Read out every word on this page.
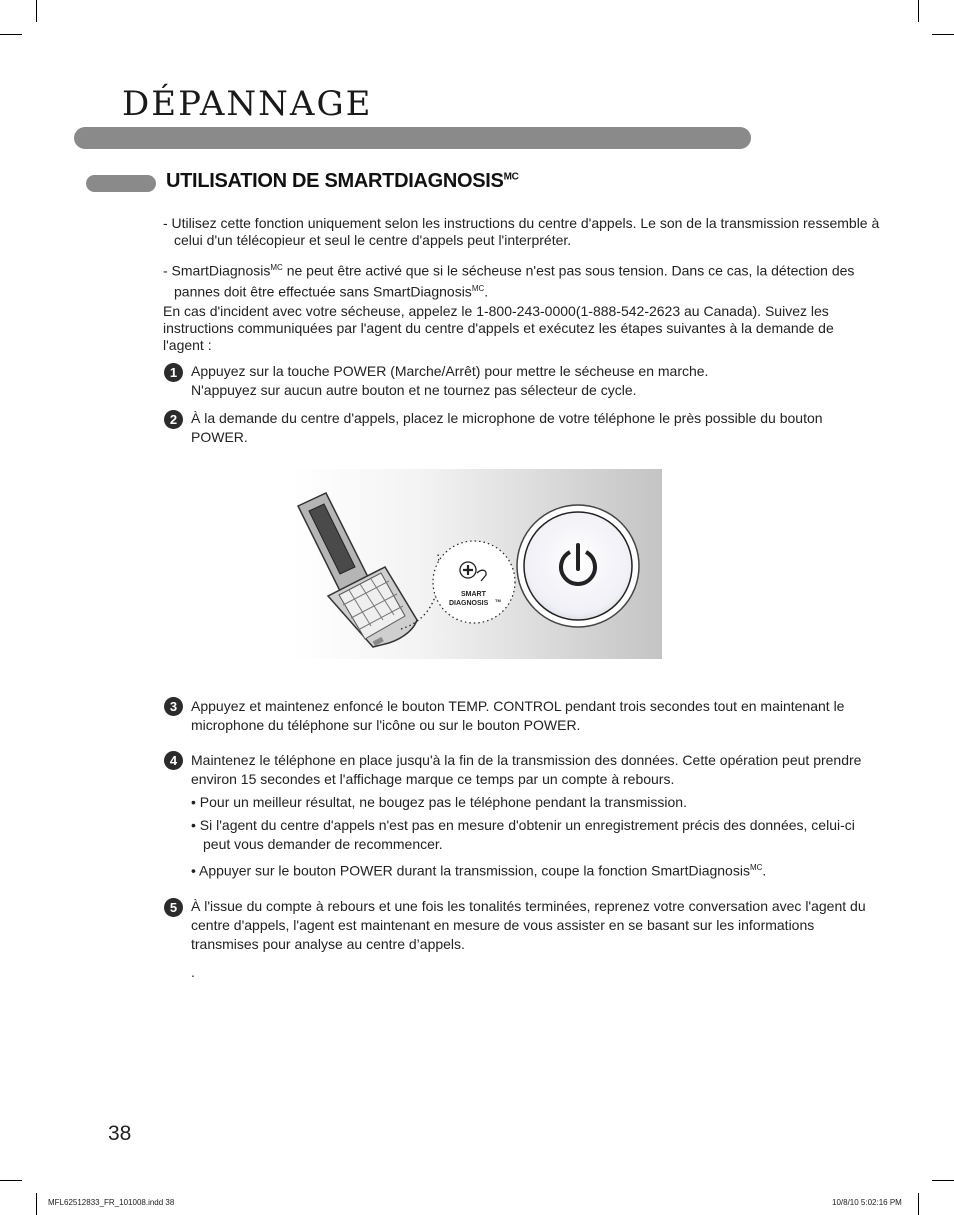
DÉPANNAGE
UTILISATION DE $SMARTDIAGNOSIS^{MC}$

- Utilisez cette fonction uniquement selon les instructions du centre d'appels. Le son de la transmission ressemble à celui d'un télécopieur et seul le centre d'appels peut l'interpréter.

- SmartDiagnosis$^{MC}$ ne peut être activé que si le sécheuse n'est pas sous tension. Dans ce cas, la détection des pannes doit être effectuée sans SmartDiagnosis$^{MC}$.

En cas d'incident avec votre sécheuse, appelez le 1-800-243-0000(1-888-542-2623 au Canada). Suivez les instructions communiquées par l'agent du centre d'appels et exécutez les étapes suivantes à la demande de l'agent :

1 Appuyez sur la touche POWER (Marche/Arrêt) pour mettre le sécheuse en marche.
N'appuyez sur aucun autre bouton et ne tournez pas sélecteur de cycle.

2 À la demande du centre d'appels, placez le microphone de votre téléphone le près possible du bouton POWER.

SMART
DIAGNOSIS TM
3 Appuyez et maintenez enfoncé le bouton TEMP. CONTROL pendant trois secondes tout en maintenant le microphone du téléphone sur l'icône ou sur le bouton POWER.

4 Maintenez le téléphone en place jusqu'à la fin de la transmission des données. Cette opération peut prendre environ 15 secondes et l'affichage marque ce temps par un compte à rebours.

• Pour un meilleur résultat, ne bougez pas le téléphone pendant la transmission.

• Si l'agent du centre d'appels n'est pas en mesure d'obtenir un enregistrement précis des données, celui-ci peut vous demander de recommencer.

• Appuyer sur le bouton POWER durant la transmission, coupe la fonction SmartDiagnosis$^{MC}$.

5 À l'issue du compte à rebours et une fois les tonalités terminées, reprenez votre conversation avec l'agent du centre d'appels, l'agent est maintenant en mesure de vous assister en se basant sur les informations transmises pour analyse au centre d’appels.

.

38

MFL62512833_FR_101008.indd 38	10/8/10 5:02:16 PM
